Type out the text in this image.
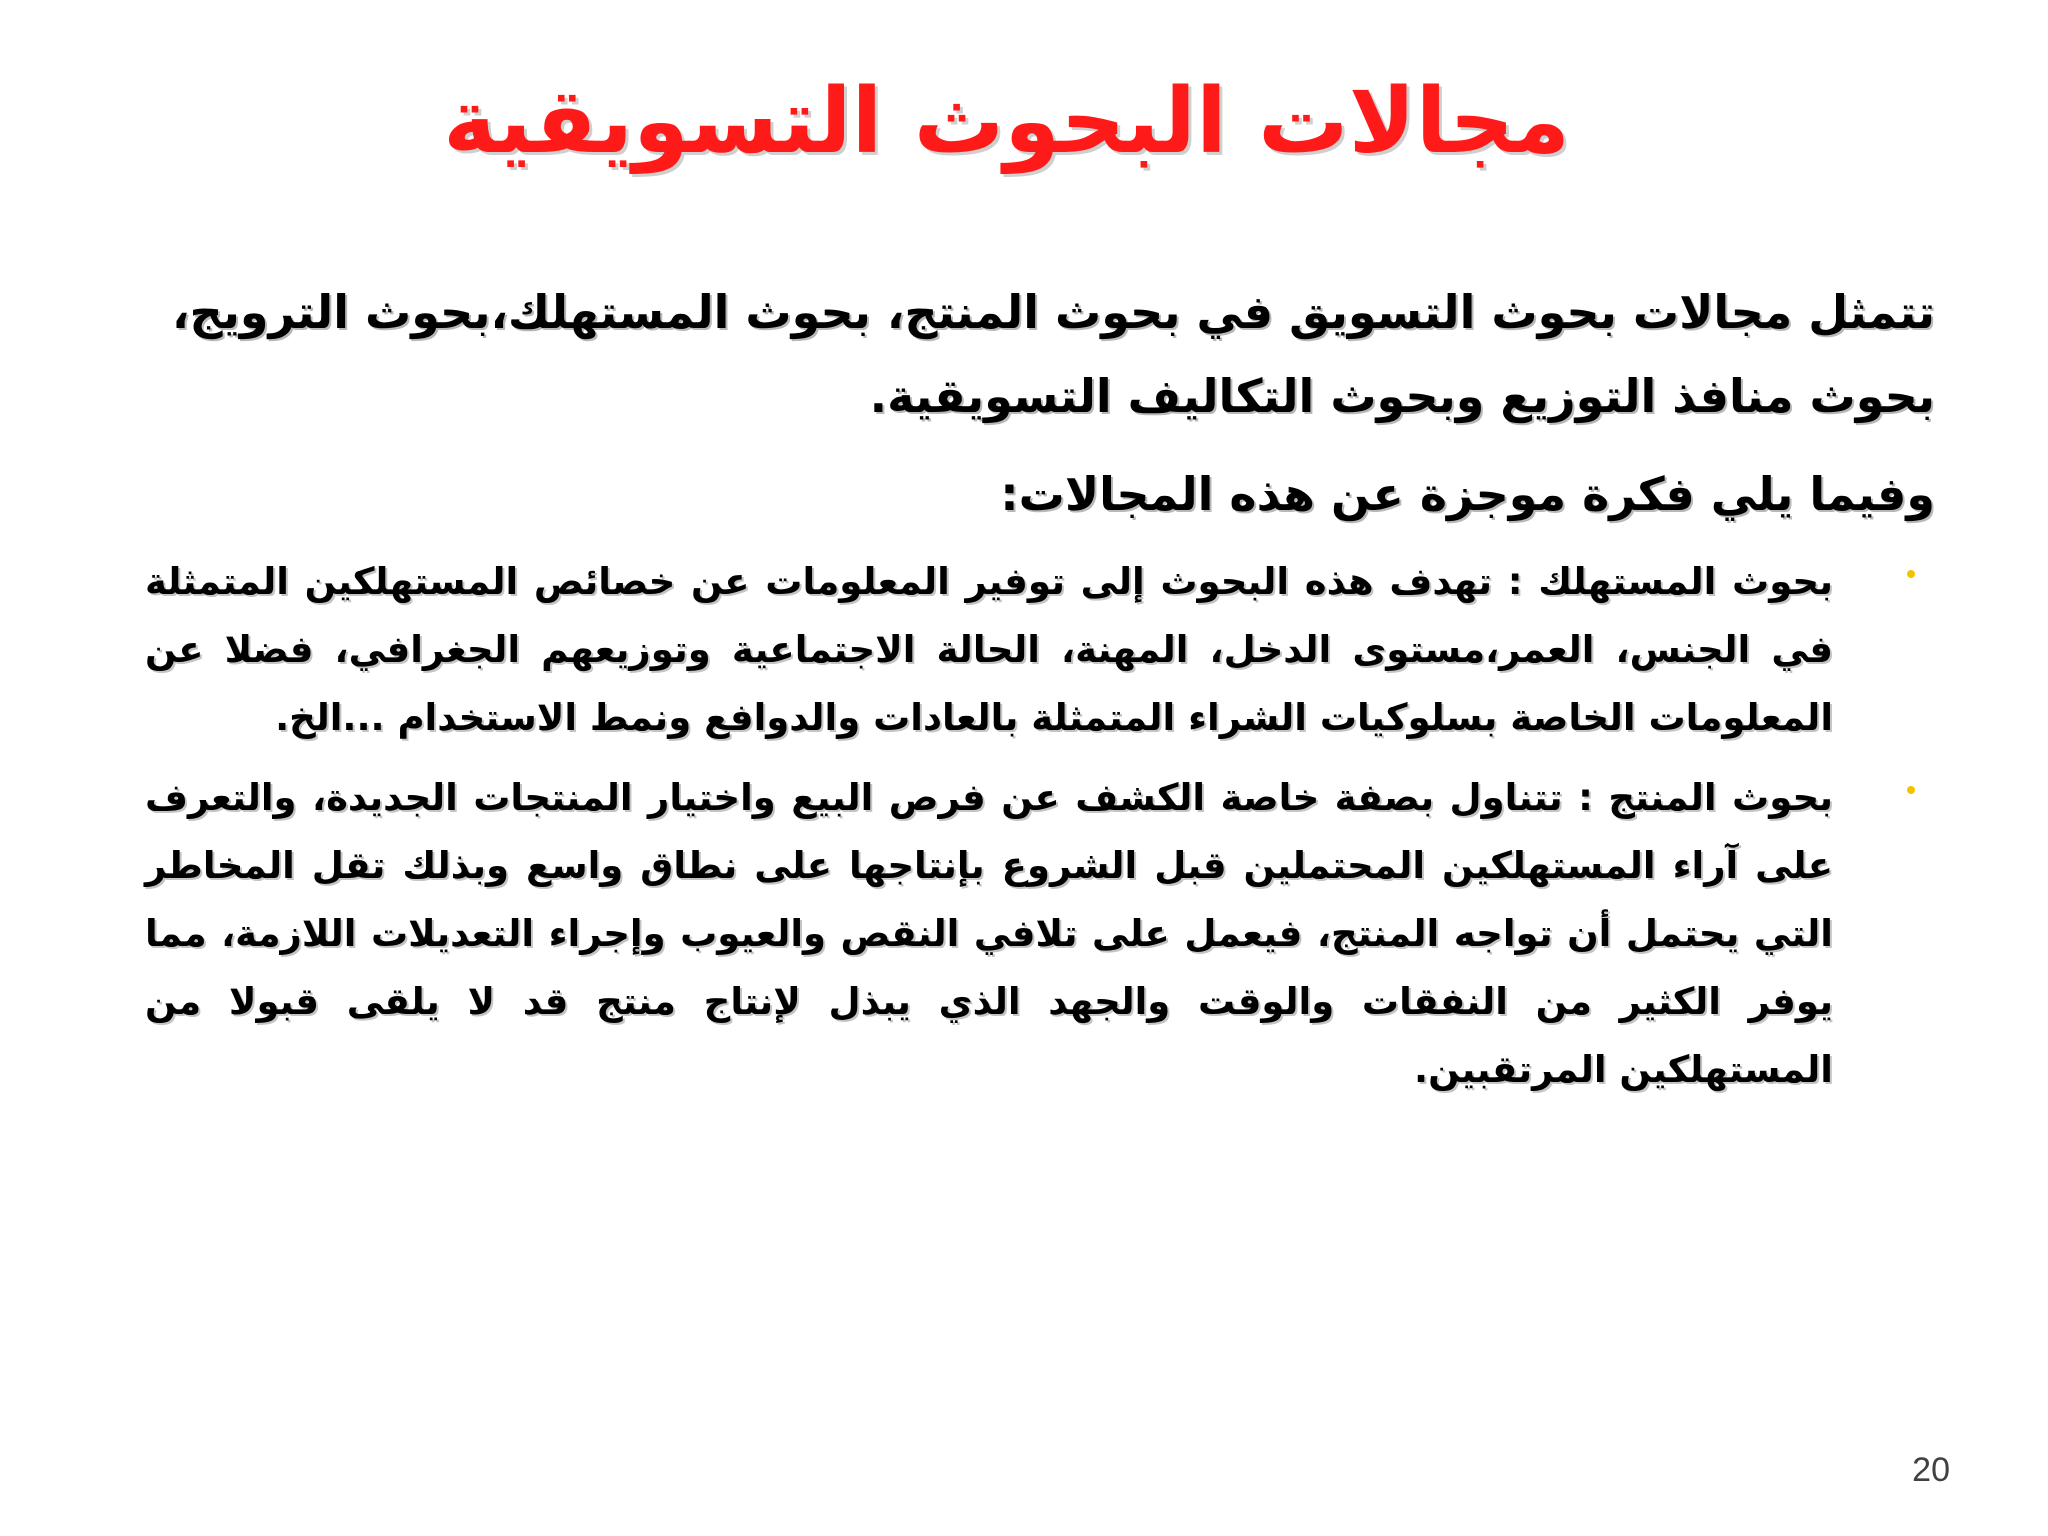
مجالات البحوث التسويقية

تتمثل مجالات بحوث التسويق في بحوث المنتج، بحوث المستهلك،بحوث الترويج، بحوث منافذ التوزيع وبحوث التكاليف التسويقية.

وفيما يلي فكرة موجزة عن هذه المجالات:

بحوث المستهلك : تهدف هذه البحوث إلى توفير المعلومات عن خصائص المستهلكين المتمثلة في الجنس، العمر،مستوى الدخل، المهنة، الحالة الاجتماعية وتوزيعهم الجغرافي، فضلا عن المعلومات الخاصة بسلوكيات الشراء المتمثلة بالعادات والدوافع ونمط الاستخدام ...الخ.
بحوث المنتج : تتناول بصفة خاصة الكشف عن فرص البيع واختيار المنتجات الجديدة، والتعرف على آراء المستهلكين المحتملين قبل الشروع بإنتاجها على نطاق واسع وبذلك تقل المخاطر التي يحتمل أن تواجه المنتج، فيعمل على تلافي النقص والعيوب وإجراء التعديلات اللازمة، مما يوفر الكثير من النفقات والوقت والجهد الذي يبذل لإنتاج منتج قد لا يلقى قبولا من المستهلكين المرتقبين.
20
